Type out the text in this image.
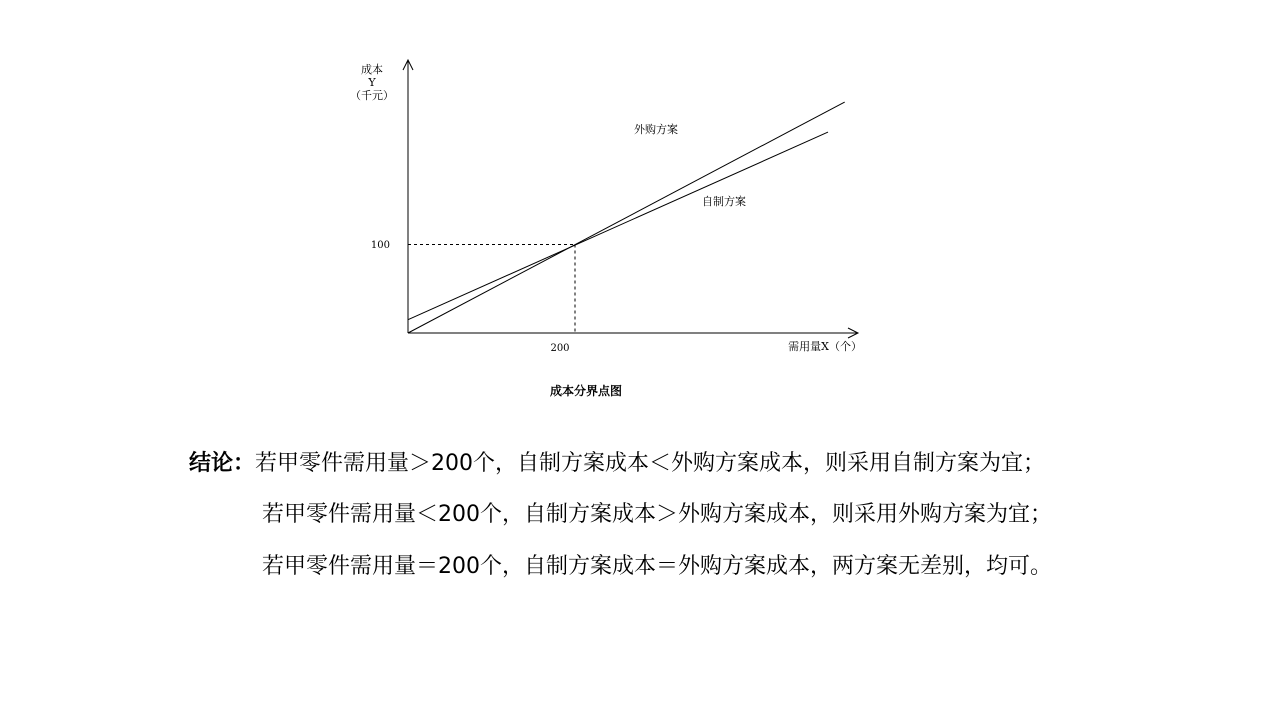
外购方案
自制方案
100
200	需用量X（个）
成本 Y （千元）
成本分界点图
结论：若甲零件需用量＞200个，自制方案成本＜外购方案成本，则采用自制方案为宜；
若甲零件需用量＜200个，自制方案成本＞外购方案成本，则采用外购方案为宜；
若甲零件需用量＝200个，自制方案成本＝外购方案成本，两方案无差别，均可。
